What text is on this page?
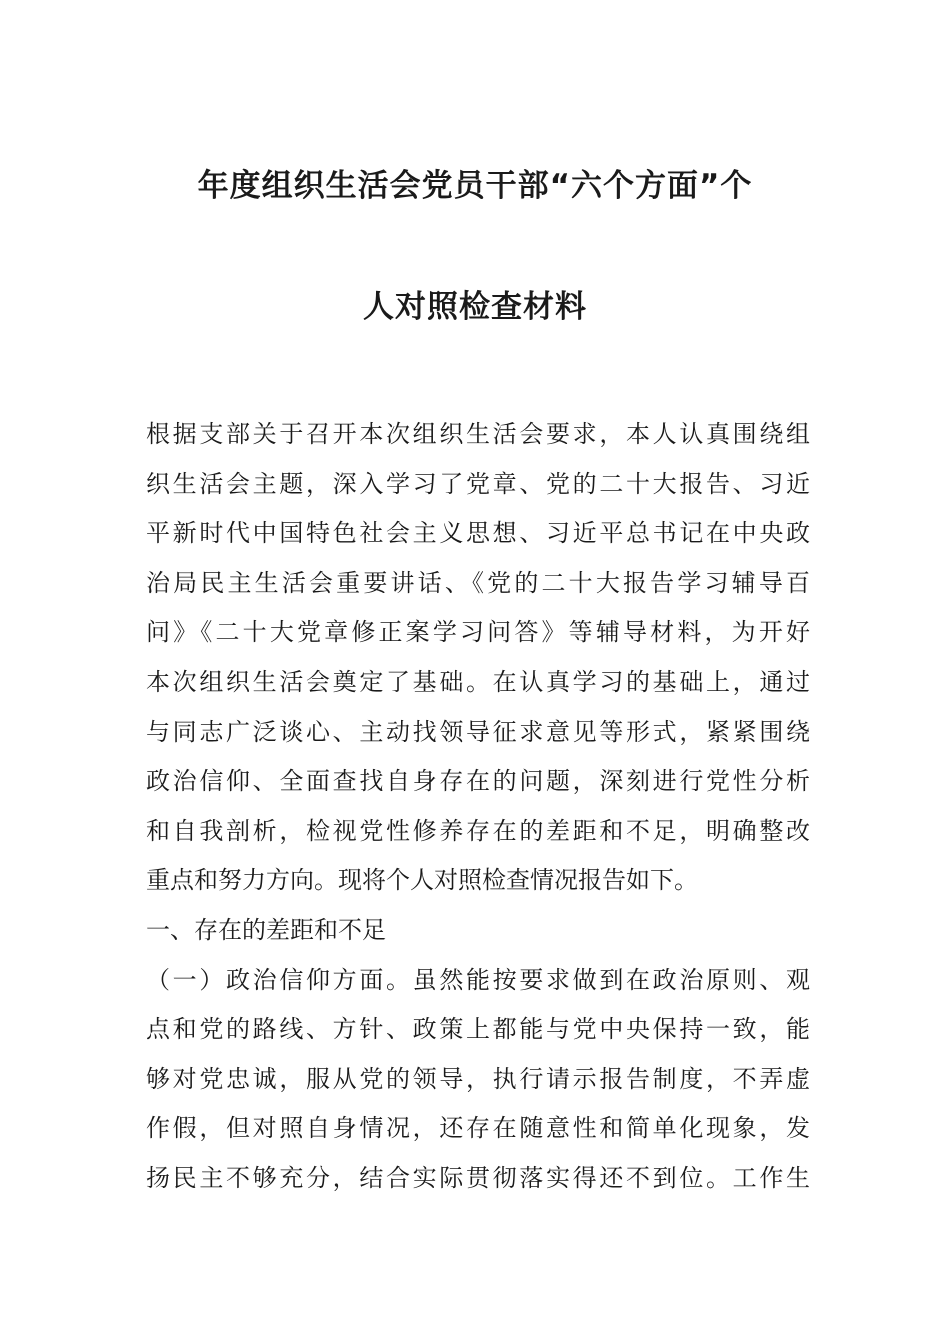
年度组织生活会党员干部“六个方面”个
人对照检查材料
根据支部关于召开本次组织生活会要求，本人认真围绕组
织生活会主题，深入学习了党章、党的二十大报告、习近
平新时代中国特色社会主义思想、习近平总书记在中央政
治局民主生活会重要讲话、《党的二十大报告学习辅导百
问》《二十大党章修正案学习问答》等辅导材料，为开好
本次组织生活会奠定了基础。在认真学习的基础上，通过
与同志广泛谈心、主动找领导征求意见等形式，紧紧围绕
政治信仰、全面查找自身存在的问题，深刻进行党性分析
和自我剖析，检视党性修养存在的差距和不足，明确整改
重点和努力方向。现将个人对照检查情况报告如下。
一、存在的差距和不足
（一）政治信仰方面。虽然能按要求做到在政治原则、观
点和党的路线、方针、政策上都能与党中央保持一致，能
够对党忠诚，服从党的领导，执行请示报告制度，不弄虚
作假，但对照自身情况，还存在随意性和简单化现象，发
扬民主不够充分，结合实际贯彻落实得还不到位。工作生
